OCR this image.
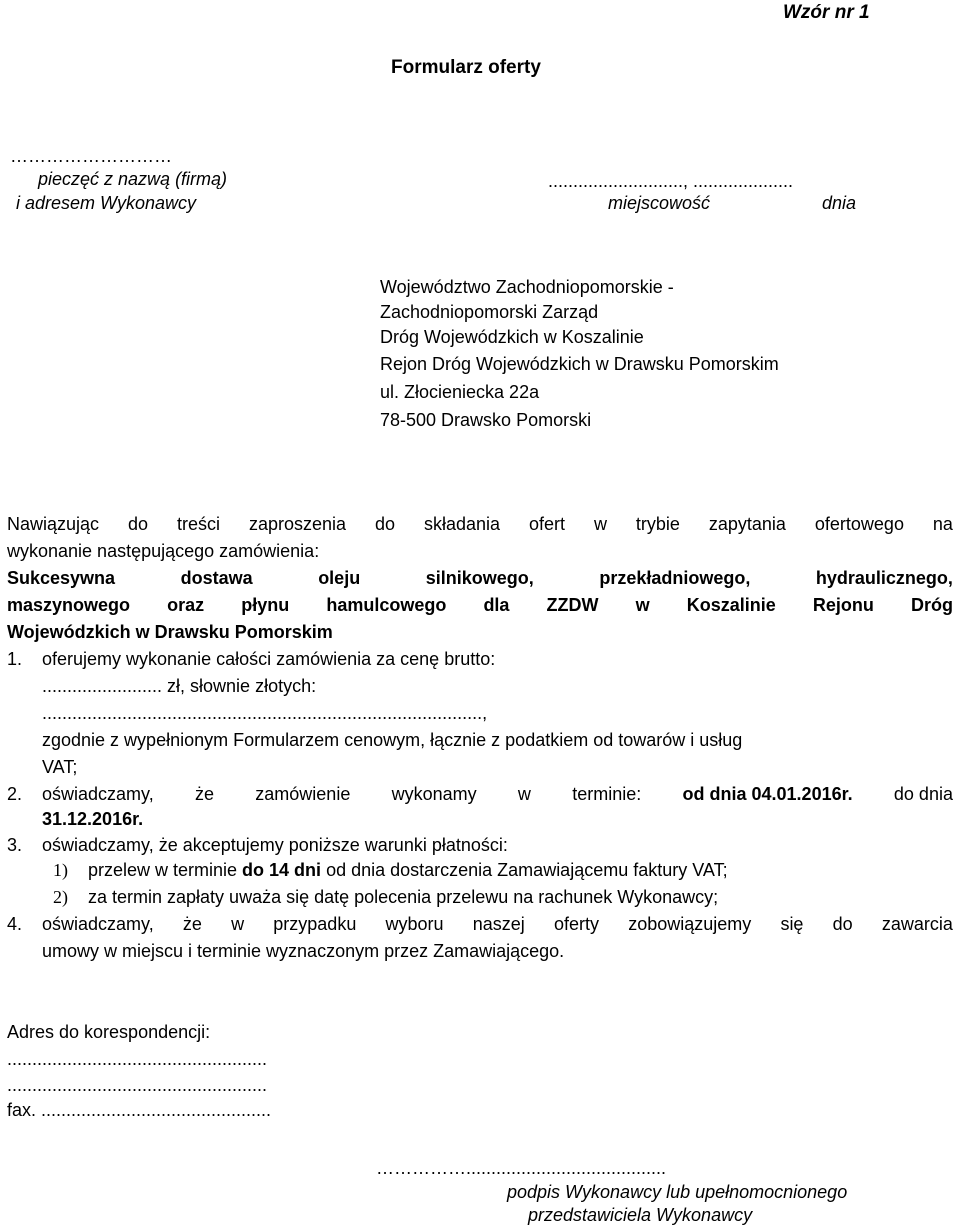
Wzór nr 1
Formularz oferty
………………………
pieczęć z nazwą (firmą)
i adresem Wykonawcy
..........................., ....................
miejscowość	dnia
Województwo Zachodniopomorskie -
Zachodniopomorski Zarząd
Dróg Wojewódzkich w Koszalinie
Rejon Dróg Wojewódzkich w Drawsku Pomorskim
ul. Złocieniecka 22a
78-500 Drawsko Pomorski
Nawiązując do treści zaproszenia do składania ofert w trybie zapytania ofertowego na
wykonanie następującego zamówienia:
Sukcesywna	dostawa	oleju	silnikowego,	przekładniowego,	hydraulicznego,
maszynowego oraz płynu hamulcowego dla ZZDW w Koszalinie Rejonu Dróg
Wojewódzkich w Drawsku Pomorskim
1. oferujemy wykonanie całości zamówienia za cenę brutto:
........................ zł, słownie złotych:
........................................................................................,
zgodnie z wypełnionym Formularzem cenowym, łącznie z podatkiem od towarów i usług
VAT;
2. oświadczamy, że zamówienie wykonamy w terminie: od dnia 04.01.2016r. do dnia
31.12.2016r.
3. oświadczamy, że akceptujemy poniższe warunki płatności:
1) przelew w terminie do 14 dni od dnia dostarczenia Zamawiającemu faktury VAT;
2) za termin zapłaty uważa się datę polecenia przelewu na rachunek Wykonawcy;
4. oświadczamy, że w przypadku wyboru naszej oferty zobowiązujemy się do zawarcia
umowy w miejscu i terminie wyznaczonym przez Zamawiającego.
Adres do korespondencji:
....................................................
....................................................
fax. ..............................................
……………........................................
podpis Wykonawcy lub upełnomocnionego
przedstawiciela Wykonawcy
